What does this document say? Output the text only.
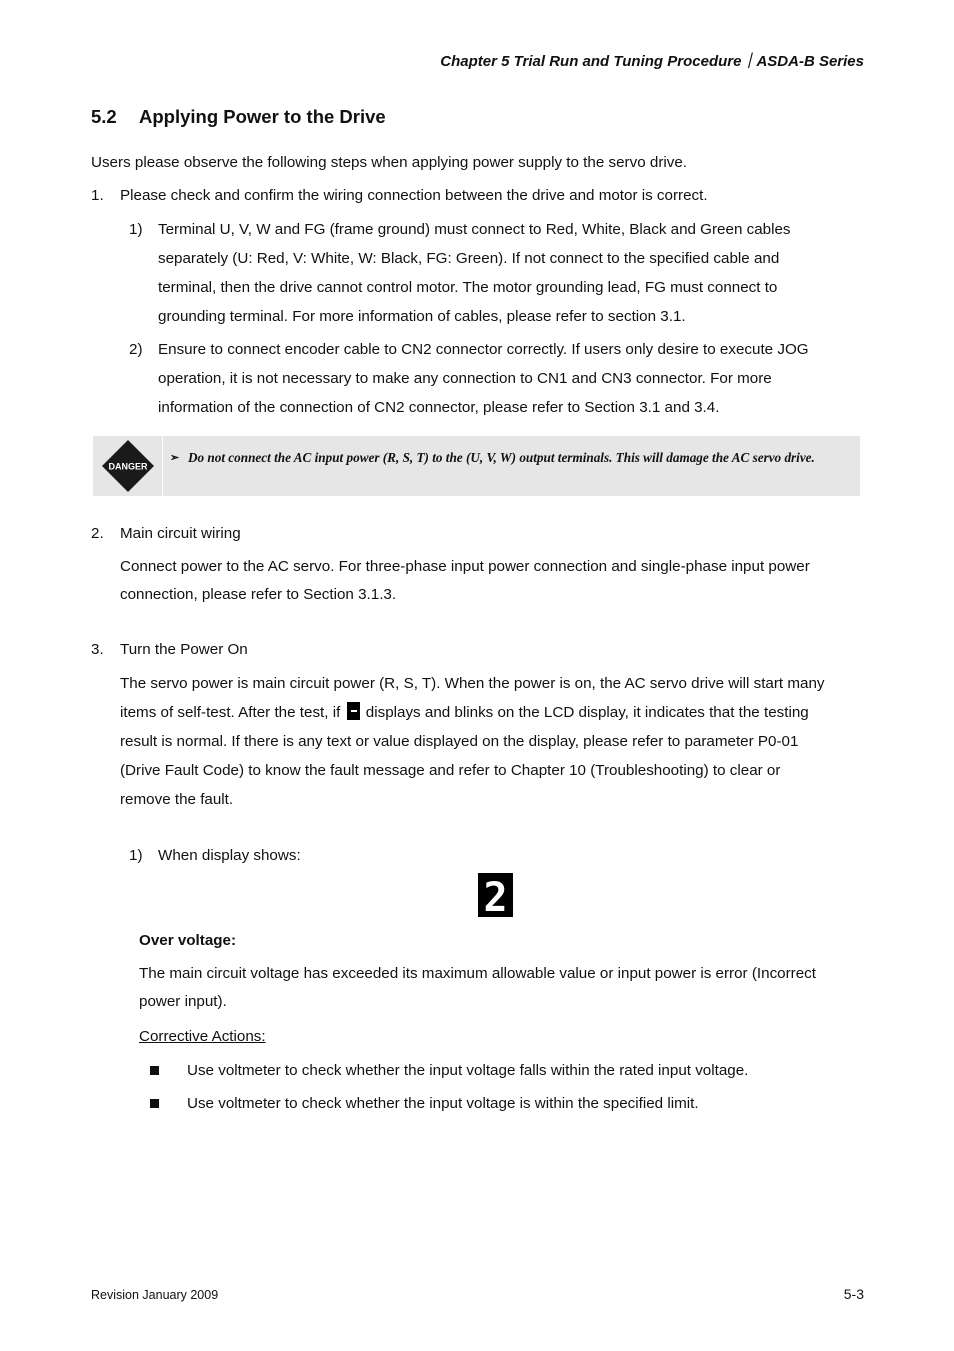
Chapter 5 Trial Run and Tuning Procedure｜ASDA-B Series
5.2 Applying Power to the Drive
Users please observe the following steps when applying power supply to the servo drive.
1. Please check and confirm the wiring connection between the drive and motor is correct.
1) Terminal U, V, W and FG (frame ground) must connect to Red, White, Black and Green cables
separately (U: Red, V: White, W: Black, FG: Green). If not connect to the specified cable and
terminal, then the drive cannot control motor. The motor grounding lead, FG must connect to
grounding terminal. For more information of cables, please refer to section 3.1.
2) Ensure to connect encoder cable to CN2 connector correctly. If users only desire to execute JOG
operation, it is not necessary to make any connection to CN1 and CN3 connector. For more
information of the connection of CN2 connector, please refer to Section 3.1 and 3.4.
DANGER
➢ Do not connect the AC input power (R, S, T) to the (U, V, W) output terminals. This will damage the AC servo drive.
2. Main circuit wiring
Connect power to the AC servo. For three-phase input power connection and single-phase input power
connection, please refer to Section 3.1.3.
3. Turn the Power On
The servo power is main circuit power (R, S, T). When the power is on, the AC servo drive will start many
items of self-test. After the test, if displays and blinks on the LCD display, it indicates that the testing
result is normal. If there is any text or value displayed on the display, please refer to parameter P0-01
(Drive Fault Code) to know the fault message and refer to Chapter 10 (Troubleshooting) to clear or
remove the fault.
1) When display shows:
2
Over voltage:
The main circuit voltage has exceeded its maximum allowable value or input power is error (Incorrect
power input).
Corrective Actions:
Use voltmeter to check whether the input voltage falls within the rated input voltage.
Use voltmeter to check whether the input voltage is within the specified limit.
Revision January 2009	5-3
